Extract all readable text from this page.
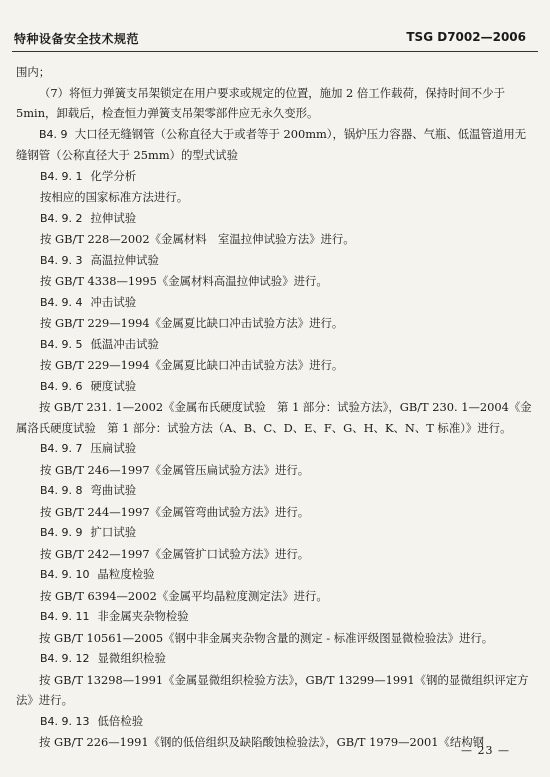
特种设备安全技术规范	TSG D7002—2006

围内；

（7）将恒力弹簧支吊架锁定在用户要求或规定的位置，施加 2 倍工作载荷，保持时间不少于 5min，卸载后，检查恒力弹簧支吊架零部件应无永久变形。

B4. 9 大口径无缝钢管（公称直径大于或者等于 200mm），锅炉压力容器、气瓶、低温管道用无缝钢管（公称直径大于 25mm）的型式试验

B4. 9. 1 化学分析

按相应的国家标准方法进行。

B4. 9. 2 拉伸试验

按 GB/T 228—2002《金属材料　室温拉伸试验方法》进行。

B4. 9. 3 高温拉伸试验

按 GB/T 4338—1995《金属材料高温拉伸试验》进行。

B4. 9. 4 冲击试验

按 GB/T 229—1994《金属夏比缺口冲击试验方法》进行。

B4. 9. 5 低温冲击试验

按 GB/T 229—1994《金属夏比缺口冲击试验方法》进行。

B4. 9. 6 硬度试验

按 GB/T 231. 1—2002《金属布氏硬度试验　第 1 部分：试验方法》，GB/T 230. 1—2004《金属洛氏硬度试验　第 1 部分：试验方法（A、B、C、D、E、F、G、H、K、N、T 标准）》进行。

B4. 9. 7 压扁试验

按 GB/T 246—1997《金属管压扁试验方法》进行。

B4. 9. 8 弯曲试验

按 GB/T 244—1997《金属管弯曲试验方法》进行。

B4. 9. 9 扩口试验

按 GB/T 242—1997《金属管扩口试验方法》进行。

B4. 9. 10 晶粒度检验

按 GB/T 6394—2002《金属平均晶粒度测定法》进行。

B4. 9. 11 非金属夹杂物检验

按 GB/T 10561—2005《钢中非金属夹杂物含量的测定 - 标准评级图显微检验法》进行。

B4. 9. 12 显微组织检验

按 GB/T 13298—1991《金属显微组织检验方法》，GB/T 13299—1991《钢的显微组织评定方法》进行。

B4. 9. 13 低倍检验

按 GB/T 226—1991《钢的低倍组织及缺陷酸蚀检验法》，GB/T 1979—2001《结构钢

— 23 —
